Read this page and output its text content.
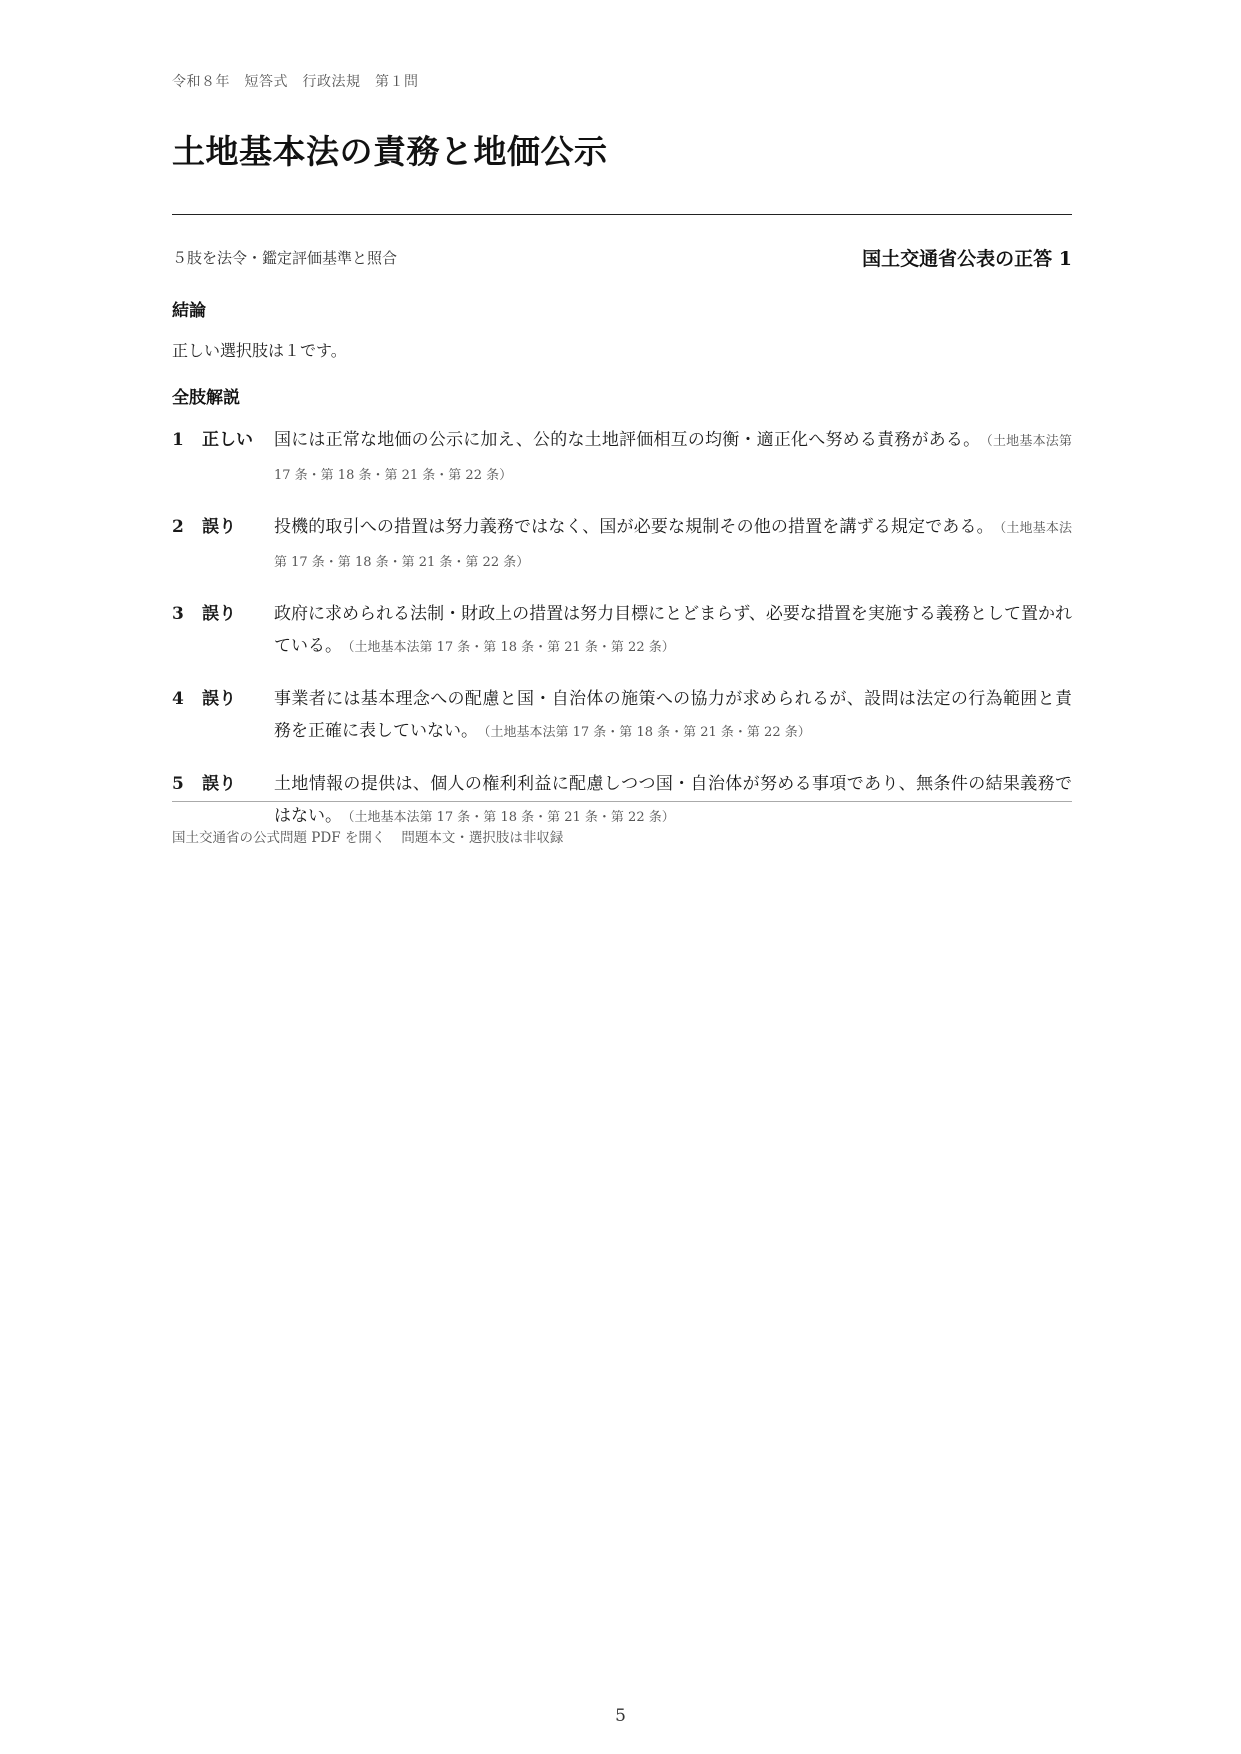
令和８年　短答式　行政法規　第１問
土地基本法の責務と地価公示
５肢を法令・鑑定評価基準と照合	国土交通省公表の正答 1
結論
正しい選択肢は１です。
全肢解説
1	正しい	国には正常な地価の公示に加え、公的な土地評価相互の均衡・適正化へ努める責務がある。 （土地基本法第 17 条・第 18 条・第 21 条・第 22 条）
2	誤り	投機的取引への措置は努力義務ではなく、国が必要な規制その他の措置を講ずる規定である。 （土地基本法第 17 条・第 18 条・第 21 条・第 22 条）
3	誤り	政府に求められる法制・財政上の措置は努力目標にとどまらず、必要な措置を実施する義務として置かれている。 （土地基本法第 17 条・第 18 条・第 21 条・第 22 条）
4	誤り	事業者には基本理念への配慮と国・自治体の施策への協力が求められるが、設問は法定の行為範囲と責務を正確に表していない。 （土地基本法第 17 条・第 18 条・第 21 条・第 22 条）
5	誤り	土地情報の提供は、個人の権利利益に配慮しつつ国・自治体が努める事項であり、無条件の結果義務ではない。 （土地基本法第 17 条・第 18 条・第 21 条・第 22 条）
国土交通省の公式問題 PDF を開く 問題本文・選択肢は非収録
5
